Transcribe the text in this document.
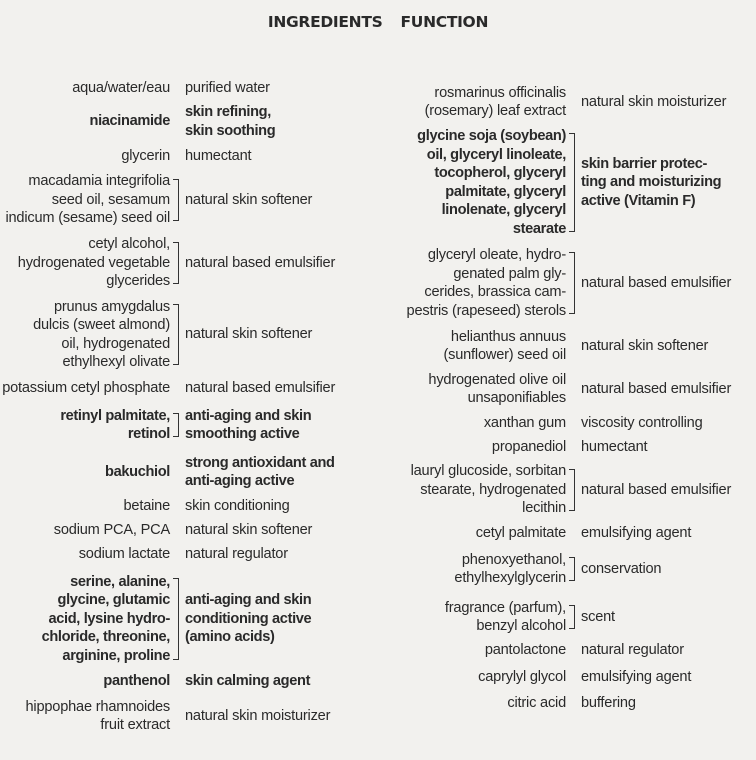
INGREDIENTS FUNCTION
aqua/water/eau purified water
niacinamide
skin refining,
skin soothing
glycerin humectant
macadamia integrifolia
seed oil, sesamum
indicum (sesame) seed oil
natural skin softener
cetyl alcohol,
hydrogenated vegetable
glycerides
natural based emulsifier
prunus amygdalus
dulcis (sweet almond)
oil, hydrogenated
ethylhexyl olivate
natural skin softener
potassium cetyl phosphate natural based emulsifier
retinyl palmitate,
retinol
anti-aging and skin
smoothing active
bakuchiol
strong antioxidant and
anti-aging active
betaine skin conditioning
sodium PCA, PCA natural skin softener
sodium lactate natural regulator
serine, alanine,
glycine, glutamic
acid, lysine hydro-
chloride, threonine,
arginine, proline
anti-aging and skin
conditioning active
(amino acids)
panthenol skin calming agent
hippophae rhamnoides
fruit extract
natural skin moisturizer
rosmarinus officinalis
(rosemary) leaf extract
natural skin moisturizer
glycine soja (soybean)
oil, glyceryl linoleate,
tocopherol, glyceryl
palmitate, glyceryl
linolenate, glyceryl
stearate
skin barrier protec-
ting and moisturizing
active (Vitamin F)
glyceryl oleate, hydro-
genated palm gly-
cerides, brassica cam-
pestris (rapeseed) sterols
natural based emulsifier
helianthus annuus
(sunflower) seed oil
natural skin softener
hydrogenated olive oil
unsaponifiables
natural based emulsifier
xanthan gum viscosity controlling
propanediol humectant
lauryl glucoside, sorbitan
stearate, hydrogenated
lecithin
natural based emulsifier
cetyl palmitate emulsifying agent
phenoxyethanol,
ethylhexylglycerin
conservation
fragrance (parfum),
benzyl alcohol
scent
pantolactone natural regulator
caprylyl glycol emulsifying agent
citric acid buffering
